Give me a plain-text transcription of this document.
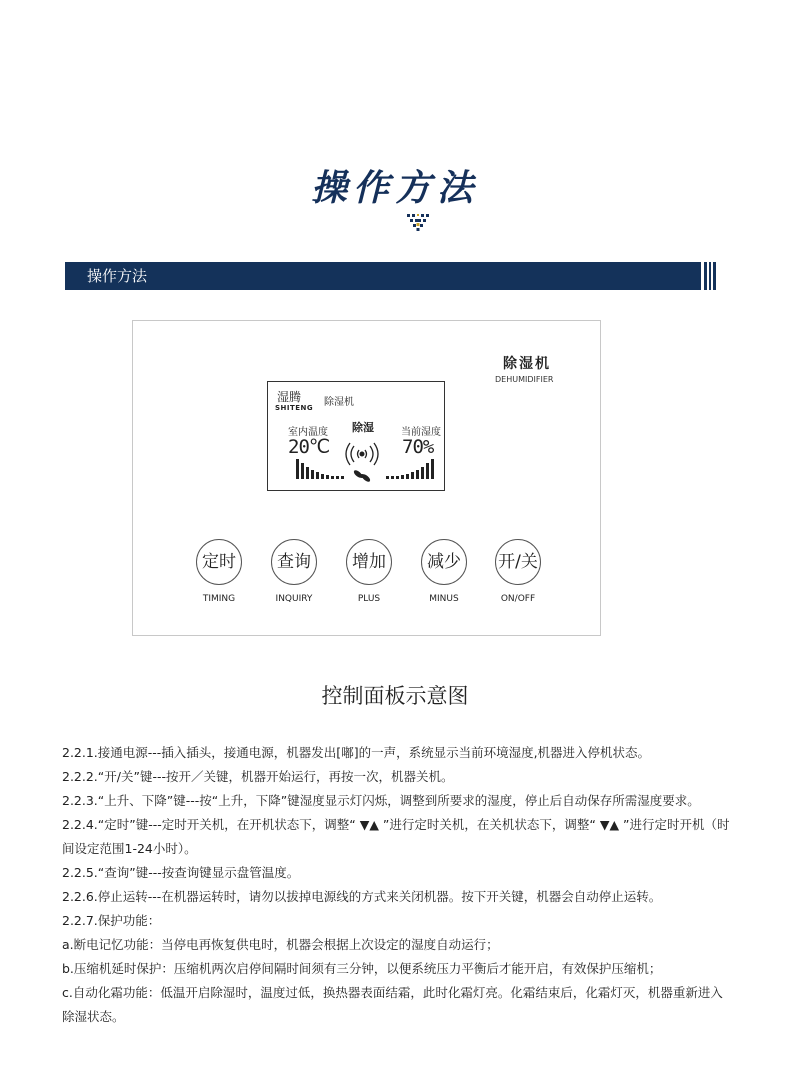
操作方法
操作方法
除湿机
DEHUMIDIFIER
湿腾
SHITENG 除湿机
室内温度 除湿	当前湿度
20℃	70%
定时
TIMING
查询
INQUIRY
增加
PLUS
减少
MINUS
开/关
ON/OFF
控制面板示意图

2.2.1.接通电源---插入插头，接通电源，机器发出[嘟]的一声，系统显示当前环境湿度,机器进入停机状态。

2.2.2.“开/关”键---按开／关键，机器开始运行，再按一次，机器关机。

2.2.3.“上升、下降”键---按“上升，下降”键湿度显示灯闪烁，调整到所要求的湿度，停止后自动保存所需湿度要求。

2.2.4.“定时”键---定时开关机，在开机状态下，调整“ ▼▲ ”进行定时关机，在关机状态下，调整“ ▼▲ ”进行定时开机（时间设定范围1-24小时）。

2.2.5.“查询”键---按查询键显示盘管温度。

2.2.6.停止运转---在机器运转时，请勿以拔掉电源线的方式来关闭机器。按下开关键，机器会自动停止运转。

2.2.7.保护功能：

a.断电记忆功能：当停电再恢复供电时，机器会根据上次设定的湿度自动运行；

b.压缩机延时保护：压缩机两次启停间隔时间须有三分钟，以便系统压力平衡后才能开启，有效保护压缩机；

c.自动化霜功能：低温开启除湿时，温度过低，换热器表面结霜，此时化霜灯亮。化霜结束后，化霜灯灭，机器重新进入除湿状态。
